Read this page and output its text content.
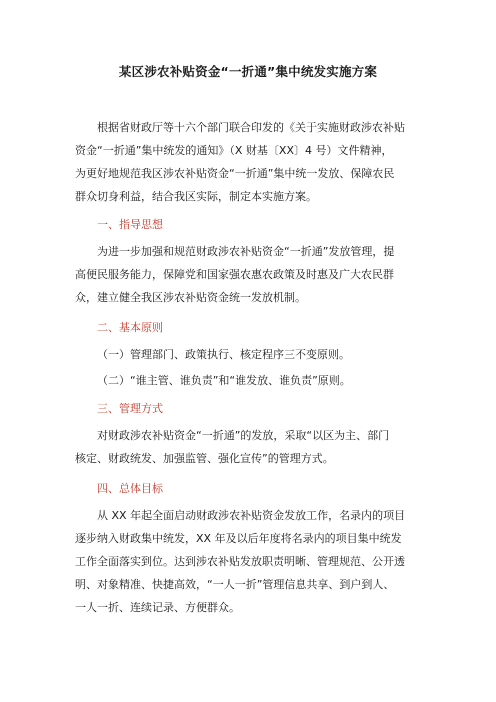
某区涉农补贴资金“一折通”集中统发实施方案
根据省财政厅等十六个部门联合印发的《关于实施财政涉农补贴
资金“一折通”集中统发的通知》（X 财基〔XX〕4 号）文件精神，
为更好地规范我区涉农补贴资金“一折通”集中统一发放、保障农民
群众切身利益，结合我区实际，制定本实施方案。
一、指导思想
为进一步加强和规范财政涉农补贴资金“一折通”发放管理，提
高便民服务能力，保障党和国家强农惠农政策及时惠及广大农民群
众，建立健全我区涉农补贴资金统一发放机制。
二、基本原则
（一）管理部门、政策执行、核定程序三不变原则。
（二）“谁主管、谁负责”和“谁发放、谁负责”原则。
三、管理方式
对财政涉农补贴资金“一折通”的发放，采取“以区为主、部门
核定、财政统发、加强监管、强化宣传”的管理方式。
四、总体目标
从 XX 年起全面启动财政涉农补贴资金发放工作，名录内的项目
逐步纳入财政集中统发，XX 年及以后年度将名录内的项目集中统发
工作全面落实到位。达到涉农补贴发放职责明晰、管理规范、公开透
明、对象精准、快捷高效，“一人一折”管理信息共享、到户到人、
一人一折、连续记录、方便群众。
